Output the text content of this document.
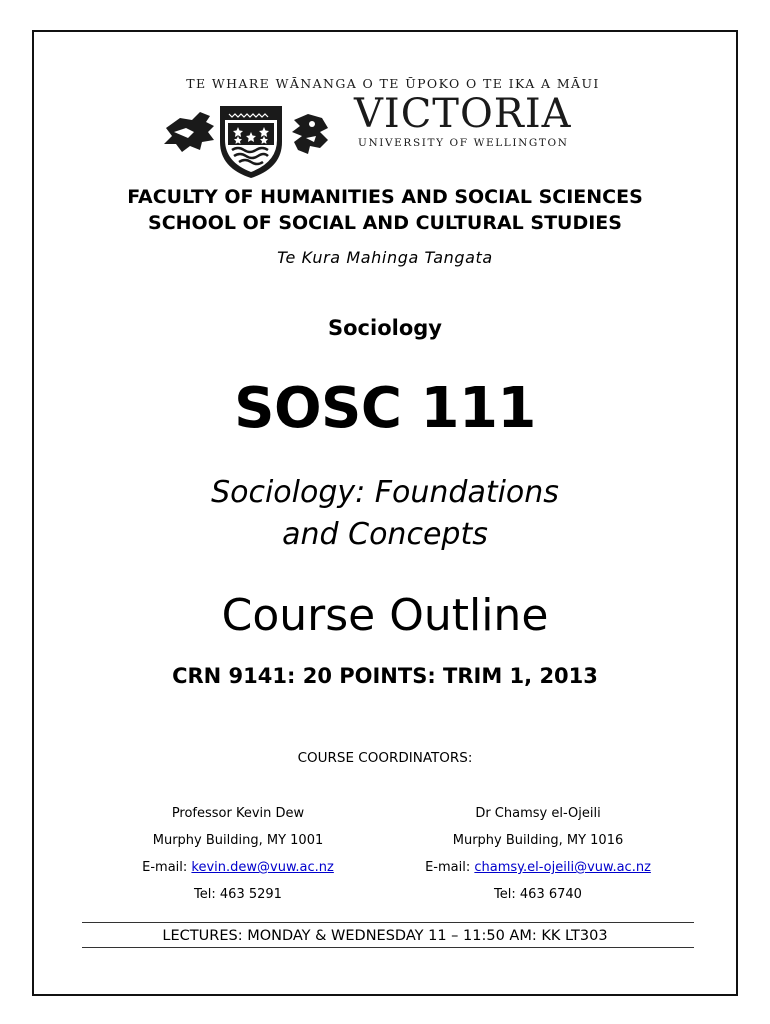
TE WHARE WĀNANGA O TE ŪPOKO O TE IKA A MĀUI
VICTORIA
UNIVERSITY OF WELLINGTON
FACULTY OF HUMANITIES AND SOCIAL SCIENCES
SCHOOL OF SOCIAL AND CULTURAL STUDIES
Te Kura Mahinga Tangata
Sociology
SOSC 111
Sociology: Foundations and Concepts
Course Outline
CRN 9141: 20 POINTS: TRIM 1, 2013
COURSE COORDINATORS:
Professor Kevin Dew
Murphy Building, MY 1001
E-mail: kevin.dew@vuw.ac.nz
Tel: 463 5291
Dr Chamsy el-Ojeili
Murphy Building, MY 1016
E-mail: chamsy.el-ojeili@vuw.ac.nz
Tel: 463 6740
LECTURES: MONDAY & WEDNESDAY 11 – 11:50 AM: KK LT303
